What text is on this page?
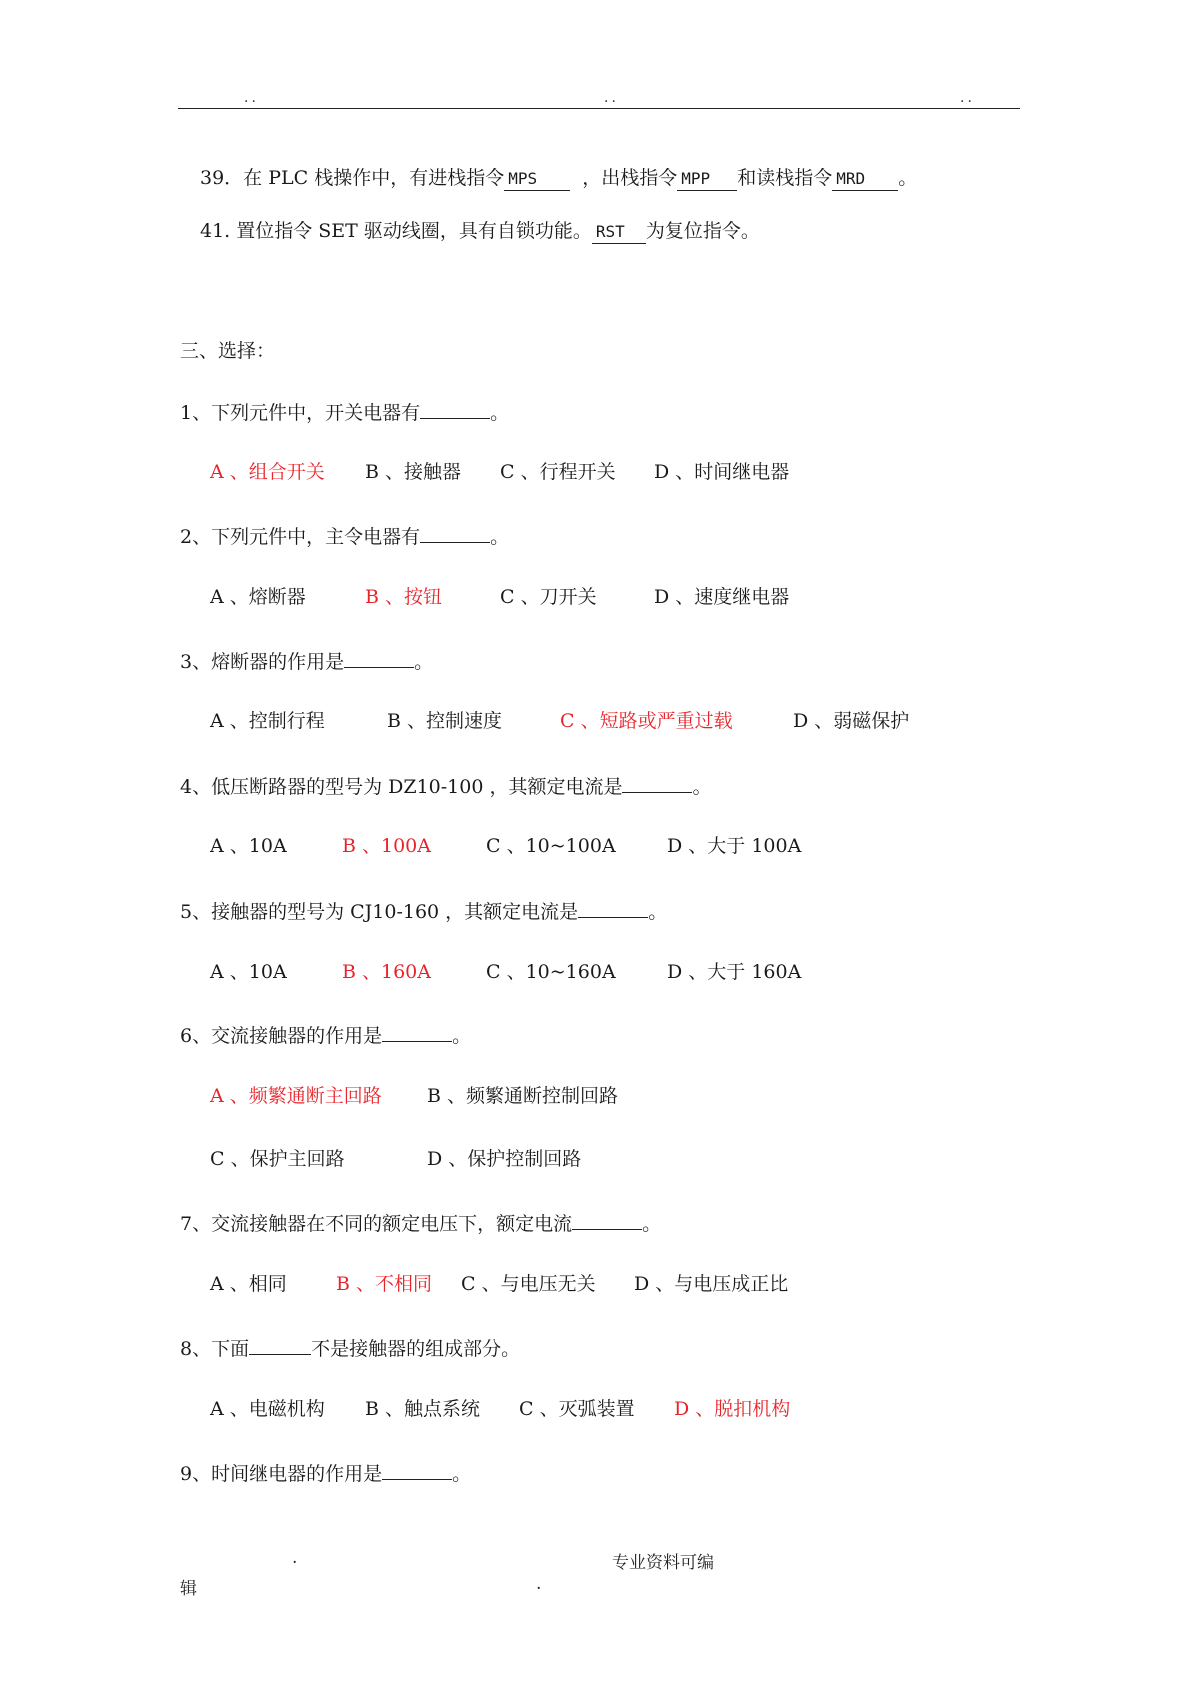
..	..	..
39．在 PLC 栈操作中，有进栈指令 MPS ，出栈指令 MPP 和读栈指令 MRD 。
41. 置位指令 SET 驱动线圈，具有自锁功能。 RST 为复位指令。
三、选择：
1、下列元件中，开关电器有	。
A 、组合开关 B 、接触器 C 、行程开关 D 、时间继电器
2、下列元件中，主令电器有	。
A 、熔断器	B 、按钮	C 、刀开关	D 、速度继电器
3、熔断器的作用是	。
A 、控制行程	B 、控制速度	C 、短路或严重过载	D 、弱磁保护
4、低压断路器的型号为 DZ10-100 ，其额定电流是	。
A 、10A	B 、100A	C 、10~100A	D 、大于 100A
5、接触器的型号为 CJ10-160 ，其额定电流是	。
A 、10A	B 、160A	C 、10~160A	D 、大于 160A
6、交流接触器的作用是	。
A 、频繁通断主回路 B 、频繁通断控制回路
C 、保护主回路	D 、保护控制回路
7、交流接触器在不同的额定电压下，额定电流	。
A 、相同	B 、不相同 C 、与电压无关 D 、与电压成正比
8、下面	不是接触器的组成部分。
A 、电磁机构 B 、触点系统 C 、灭弧装置 D 、脱扣机构
9、时间继电器的作用是	。
.	专业资料可编
辑	.
